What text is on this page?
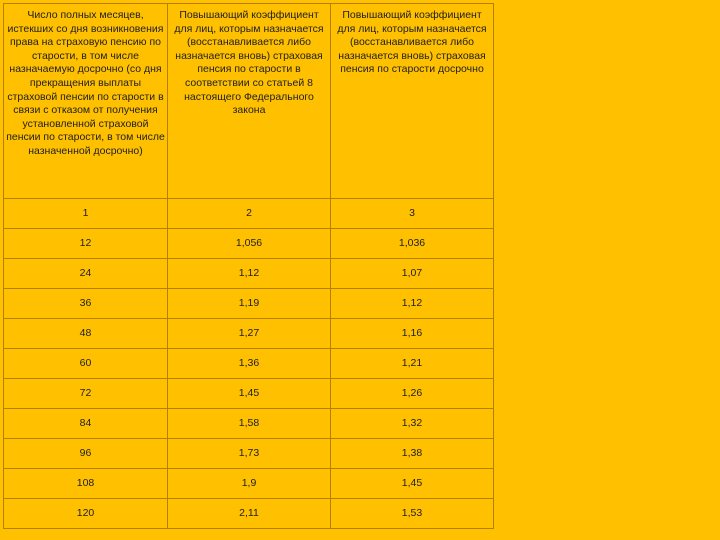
Число полных месяцев, истекших со дня возникновения права на страховую пенсию по старости, в том числе назначаемую досрочно (со дня прекращения выплаты страховой пенсии по старости в связи с отказом от получения установленной страховой пенсии по старости, в том числе назначенной досрочно)	Повышающий коэффициент для лиц, которым назначается (восстанавливается либо назначается вновь) страховая пенсия по старости в соответствии со статьей 8 настоящего Федерального закона	Повышающий коэффициент для лиц, которым назначается (восстанавливается либо назначается вновь) страховая пенсия по старости досрочно
1	2	3
12	1,056	1,036
24	1,12	1,07
36	1,19	1,12
48	1,27	1,16
60	1,36	1,21
72	1,45	1,26
84	1,58	1,32
96	1,73	1,38
108	1,9	1,45
120	2,11	1,53
